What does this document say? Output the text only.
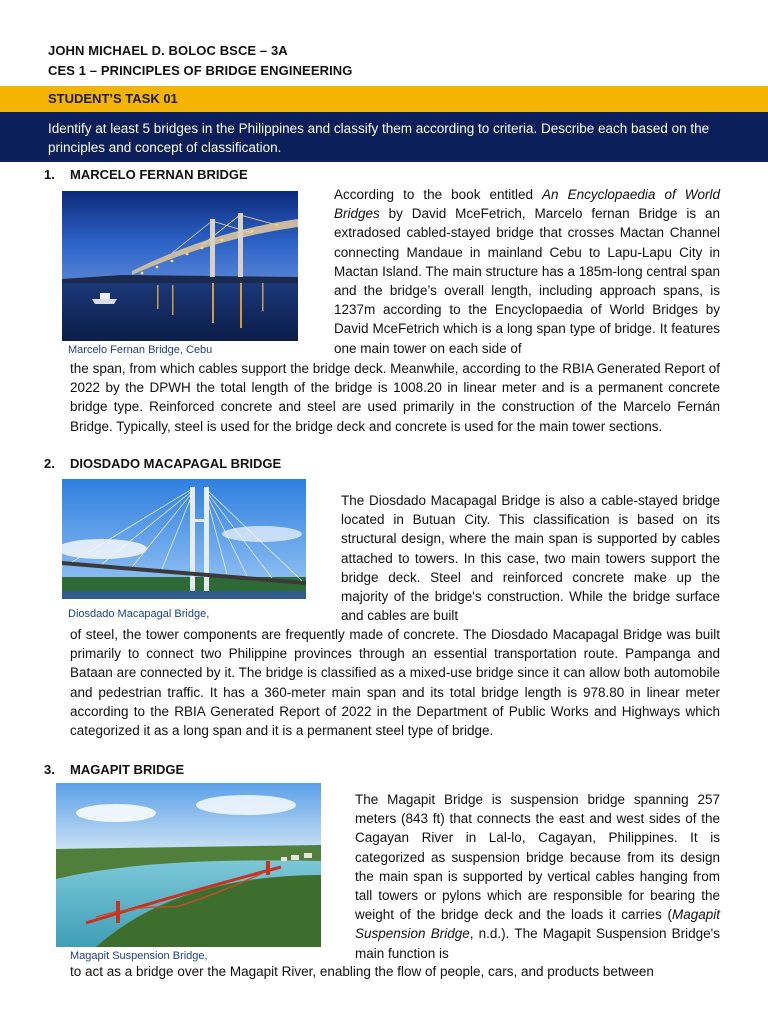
JOHN MICHAEL D. BOLOC BSCE – 3A
CES 1 – PRINCIPLES OF BRIDGE ENGINEERING
STUDENT’S TASK 01

Identify at least 5 bridges in the Philippines and classify them according to criteria. Describe each based on the principles and concept of classification.

1. MARCELO FERNAN BRIDGE
Marcelo Fernan Bridge, Cebu

According to the book entitled An Encyclopaedia of World Bridges by David McеFetrich, Marcelo fernan Bridge is an extradosed cabled-stayed bridge that crosses Mactan Channel connecting Mandaue in mainland Cebu to Lapu-Lapu City in Mactan Island. The main structure has a 185m-long central span and the bridge’s overall length, including approach spans, is 1237m according to the Encyclopaedia of World Bridges by David McеFetrich which is a long span type of bridge. It features one main tower on each side of

the span, from which cables support the bridge deck. Meanwhile, according to the RBIA Generated Report of 2022 by the DPWH the total length of the bridge is 1008.20 in linear meter and is a permanent concrete bridge type. Reinforced concrete and steel are used primarily in the construction of the Marcelo Fernán Bridge. Typically, steel is used for the bridge deck and concrete is used for the main tower sections.

2. DIOSDADO MACAPAGAL BRIDGE
Diosdado Macapagal Bridge,

The Diosdado Macapagal Bridge is also a cable-stayed bridge located in Butuan City. This classification is based on its structural design, where the main span is supported by cables attached to towers. In this case, two main towers support the bridge deck. Steel and reinforced concrete make up the majority of the bridge's construction. While the bridge surface and cables are built

of steel, the tower components are frequently made of concrete. The Diosdado Macapagal Bridge was built primarily to connect two Philippine provinces through an essential transportation route. Pampanga and Bataan are connected by it. The bridge is classified as a mixed-use bridge since it can allow both automobile and pedestrian traffic. It has a 360-meter main span and its total bridge length is 978.80 in linear meter according to the RBIA Generated Report of 2022 in the Department of Public Works and Highways which categorized it as a long span and it is a permanent steel type of bridge.

3. MAGAPIT BRIDGE
Magapit Suspension Bridge,

The Magapit Bridge is suspension bridge spanning 257 meters (843 ft) that connects the east and west sides of the Cagayan River in Lal-lo, Cagayan, Philippines. It is categorized as suspension bridge because from its design the main span is supported by vertical cables hanging from tall towers or pylons which are responsible for bearing the weight of the bridge deck and the loads it carries (Magapit Suspension Bridge, n.d.). The Magapit Suspension Bridge's main function is

to act as a bridge over the Magapit River, enabling the flow of people, cars, and products between
